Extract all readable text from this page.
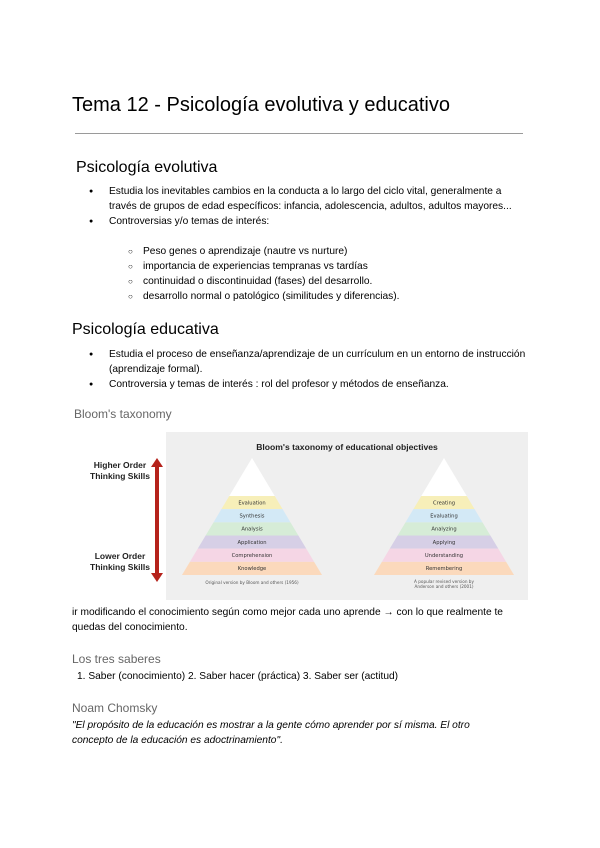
Tema 12 - Psicología evolutiva y educativo
Psicología evolutiva
● Estudia los inevitables cambios en la conducta a lo largo del ciclo vital, generalmente a través de grupos de edad específicos: infancia, adolescencia, adultos, adultos mayores...
● Controversias y/o temas de interés:
○ Peso genes o aprendizaje (nautre vs nurture)
○ importancia de experiencias tempranas vs tardías
○ continuidad o discontinuidad (fases) del desarrollo.
○ desarrollo normal o patológico (similitudes y diferencias).
Psicología educativa
● Estudia el proceso de enseñanza/aprendizaje de un currículum en un entorno de instrucción (aprendizaje formal).
● Controversia y temas de interés : rol del profesor y métodos de enseñanza.
Bloom's taxonomy
Higher Order
Thinking Skills
Lower Order
Thinking Skills
Bloom's taxonomy of educational objectives
Evaluation
Synthesis
Analysis
Application
Comprehension
Knowledge
Creating
Evaluating
Analyzing
Applying
Understanding
Remembering
Original version by Bloom and others (1956)	A popular revised version by
Anderson and others (2001)
ir modificando el conocimiento según como mejor cada uno aprende → con lo que realmente te quedas del conocimiento.
Los tres saberes
1. Saber (conocimiento) 2. Saber hacer (práctica) 3. Saber ser (actitud)
Noam Chomsky
"El propósito de la educación es mostrar a la gente cómo aprender por sí misma. El otro concepto de la educación es adoctrinamiento".
